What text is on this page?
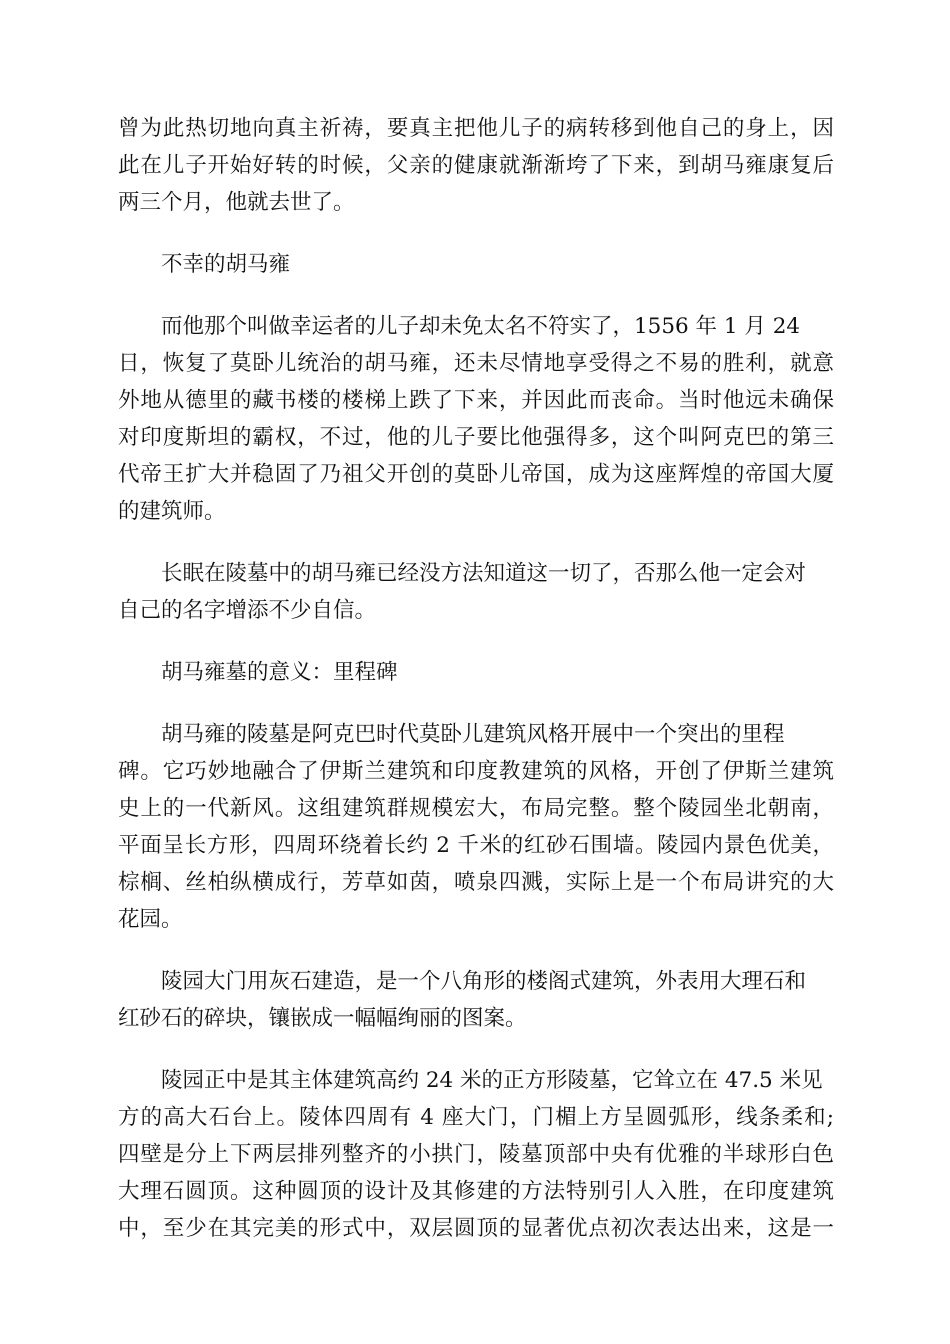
曾为此热切地向真主祈祷，要真主把他儿子的病转移到他自己的身上，因
此在儿子开始好转的时候，父亲的健康就渐渐垮了下来，到胡马雍康复后
两三个月，他就去世了。

不幸的胡马雍

而他那个叫做幸运者的儿子却未免太名不符实了，1556 年 1 月 24
日，恢复了莫卧儿统治的胡马雍，还未尽情地享受得之不易的胜利，就意
外地从德里的藏书楼的楼梯上跌了下来，并因此而丧命。当时他远未确保
对印度斯坦的霸权，不过，他的儿子要比他强得多，这个叫阿克巴的第三
代帝王扩大并稳固了乃祖父开创的莫卧儿帝国，成为这座辉煌的帝国大厦
的建筑师。

长眠在陵墓中的胡马雍已经没方法知道这一切了，否那么他一定会对
自己的名字增添不少自信。

胡马雍墓的意义：里程碑

胡马雍的陵墓是阿克巴时代莫卧儿建筑风格开展中一个突出的里程
碑。它巧妙地融合了伊斯兰建筑和印度教建筑的风格，开创了伊斯兰建筑
史上的一代新风。这组建筑群规模宏大，布局完整。整个陵园坐北朝南，
平面呈长方形，四周环绕着长约 2 千米的红砂石围墙。陵园内景色优美，
棕榈、丝柏纵横成行，芳草如茵，喷泉四溅，实际上是一个布局讲究的大
花园。

陵园大门用灰石建造，是一个八角形的楼阁式建筑，外表用大理石和
红砂石的碎块，镶嵌成一幅幅绚丽的图案。

陵园正中是其主体建筑高约 24 米的正方形陵墓，它耸立在 47.5 米见
方的高大石台上。陵体四周有 4 座大门，门楣上方呈圆弧形，线条柔和;
四壁是分上下两层排列整齐的小拱门，陵墓顶部中央有优雅的半球形白色
大理石圆顶。这种圆顶的设计及其修建的方法特别引人入胜，在印度建筑
中，至少在其完美的形式中，双层圆顶的显著优点初次表达出来，这是一
